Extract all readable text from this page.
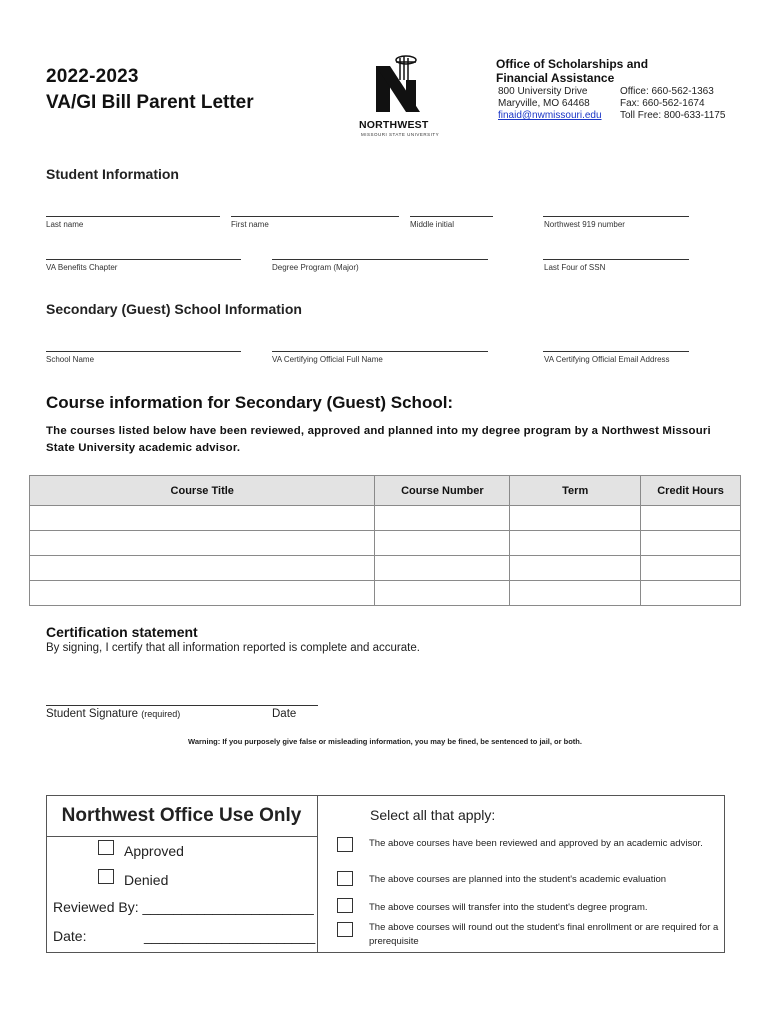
2022-2023
VA/GI Bill Parent Letter
NORTHWEST
MISSOURI STATE UNIVERSITY
Office of Scholarships and Financial Assistance
800 University Drive
Maryville, MO 64468
finaid@nwmissouri.edu
Office: 660-562-1363
Fax: 660-562-1674
Toll Free: 800-633-1175
Student Information
Last name	First name	Middle initial	Northwest 919 number
VA Benefits Chapter	Degree Program (Major)	Last Four of SSN
Secondary (Guest) School Information
School Name	VA Certifying Official Full Name	VA Certifying Official Email Address
Course information for Secondary (Guest) School:
The courses listed below have been reviewed, approved and planned into my degree program by a Northwest Missouri State University academic advisor.
Course Title	Course Number	Term	Credit Hours

Certification statement
By signing, I certify that all information reported is complete and accurate.
Student Signature (required)	Date
Warning: If you purposely give false or misleading information, you may be fined, be sentenced to jail, or both.
Northwest Office Use Only
Approved
Denied
Reviewed By: ______________________
Date:	______________________
Select all that apply:
The above courses have been reviewed and approved by an academic advisor.
The above courses are planned into the student's academic evaluation
The above courses will transfer into the student's degree program.
The above courses will round out the student's final enrollment or are required for a prerequisite
